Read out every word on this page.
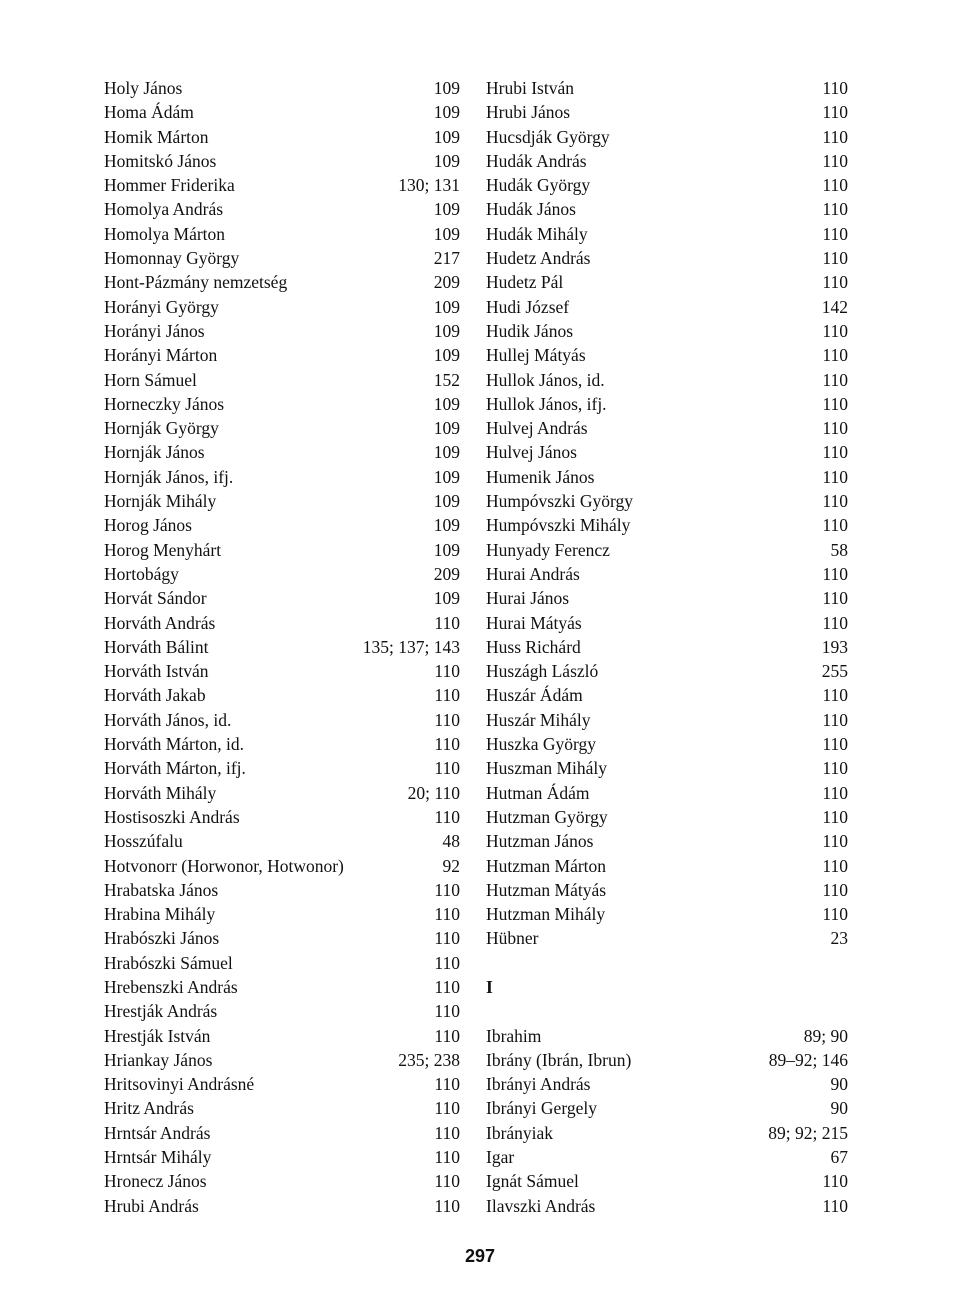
Holy János	109
Homa Ádám	109
Homik Márton	109
Homitskó János	109
Hommer Friderika	130; 131
Homolya András	109
Homolya Márton	109
Homonnay György	217
Hont-Pázmány nemzetség	209
Horányi György	109
Horányi János	109
Horányi Márton	109
Horn Sámuel	152
Horneczky János	109
Hornják György	109
Hornják János	109
Hornják János, ifj.	109
Hornják Mihály	109
Horog János	109
Horog Menyhárt	109
Hortobágy	209
Horvát Sándor	109
Horváth András	110
Horváth Bálint	135; 137; 143
Horváth István	110
Horváth Jakab	110
Horváth János, id.	110
Horváth Márton, id.	110
Horváth Márton, ifj.	110
Horváth Mihály	20; 110
Hostisoszki András	110
Hosszúfalu	48
Hotvonorr (Horwonor, Hotwonor)	92
Hrabatska János	110
Hrabina Mihály	110
Hrabószki János	110
Hrabószki Sámuel	110
Hrebenszki András	110
Hrestják András	110
Hrestják István	110
Hriankay János	235; 238
Hritsovinyi Andrásné	110
Hritz András	110
Hrntsár András	110
Hrntsár Mihály	110
Hronecz János	110
Hrubi András	110
Hrubi István	110
Hrubi János	110
Hucsdják György	110
Hudák András	110
Hudák György	110
Hudák János	110
Hudák Mihály	110
Hudetz András	110
Hudetz Pál	110
Hudi József	142
Hudik János	110
Hullej Mátyás	110
Hullok János, id.	110
Hullok János, ifj.	110
Hulvej András	110
Hulvej János	110
Humenik János	110
Humpóvszki György	110
Humpóvszki Mihály	110
Hunyady Ferencz	58
Hurai András	110
Hurai János	110
Hurai Mátyás	110
Huss Richárd	193
Huszágh László	255
Huszár Ádám	110
Huszár Mihály	110
Huszka György	110
Huszman Mihály	110
Hutman Ádám	110
Hutzman György	110
Hutzman János	110
Hutzman Márton	110
Hutzman Mátyás	110
Hutzman Mihály	110
Hübner	23
I
Ibrahim	89; 90
Ibrány (Ibrán, Ibrun)	89–92; 146
Ibrányi András	90
Ibrányi Gergely	90
Ibrányiak	89; 92; 215
Igar	67
Ignát Sámuel	110
Ilavszki András	110
297
